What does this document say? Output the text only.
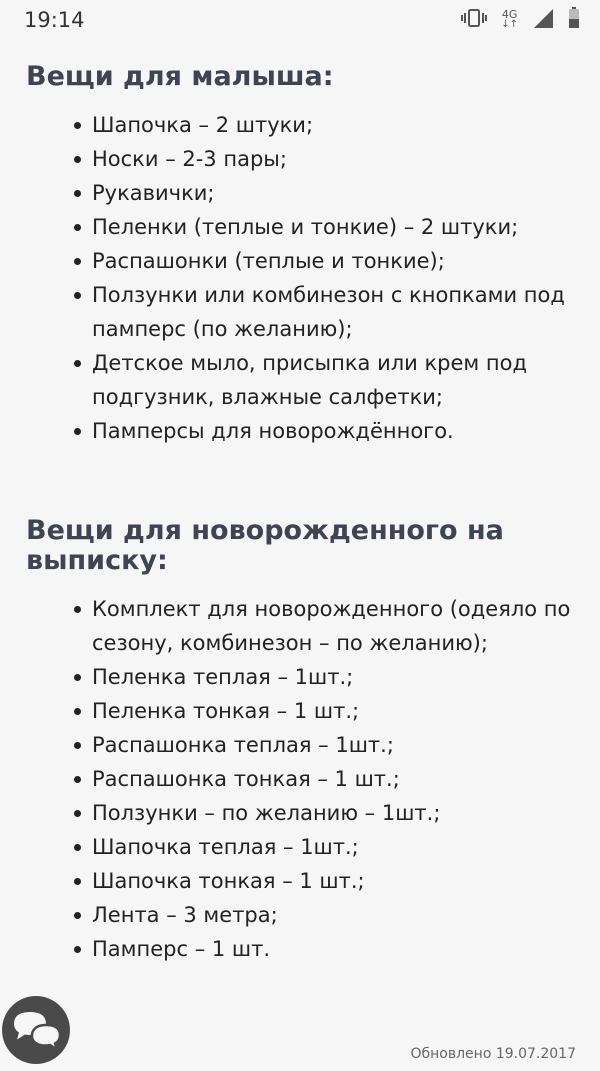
19:14	4G
↓↑
Вещи для малыша:
Шапочка – 2 штуки;
Носки – 2-3 пары;
Рукавички;
Пеленки (теплые и тонкие) – 2 штуки;
Распашонки (теплые и тонкие);
Ползунки или комбинезон с кнопками под памперс (по желанию);
Детское мыло, присыпка или крем под подгузник, влажные салфетки;
Памперсы для новорождённого.
Вещи для новорожденного на выписку:
Комплект для новорожденного (одеяло по сезону, комбинезон – по желанию);
Пеленка теплая – 1шт.;
Пеленка тонкая – 1 шт.;
Распашонка теплая – 1шт.;
Распашонка тонкая – 1 шт.;
Ползунки – по желанию – 1шт.;
Шапочка теплая – 1шт.;
Шапочка тонкая – 1 шт.;
Лента – 3 метра;
Памперс – 1 шт.
Обновлено 19.07.2017
